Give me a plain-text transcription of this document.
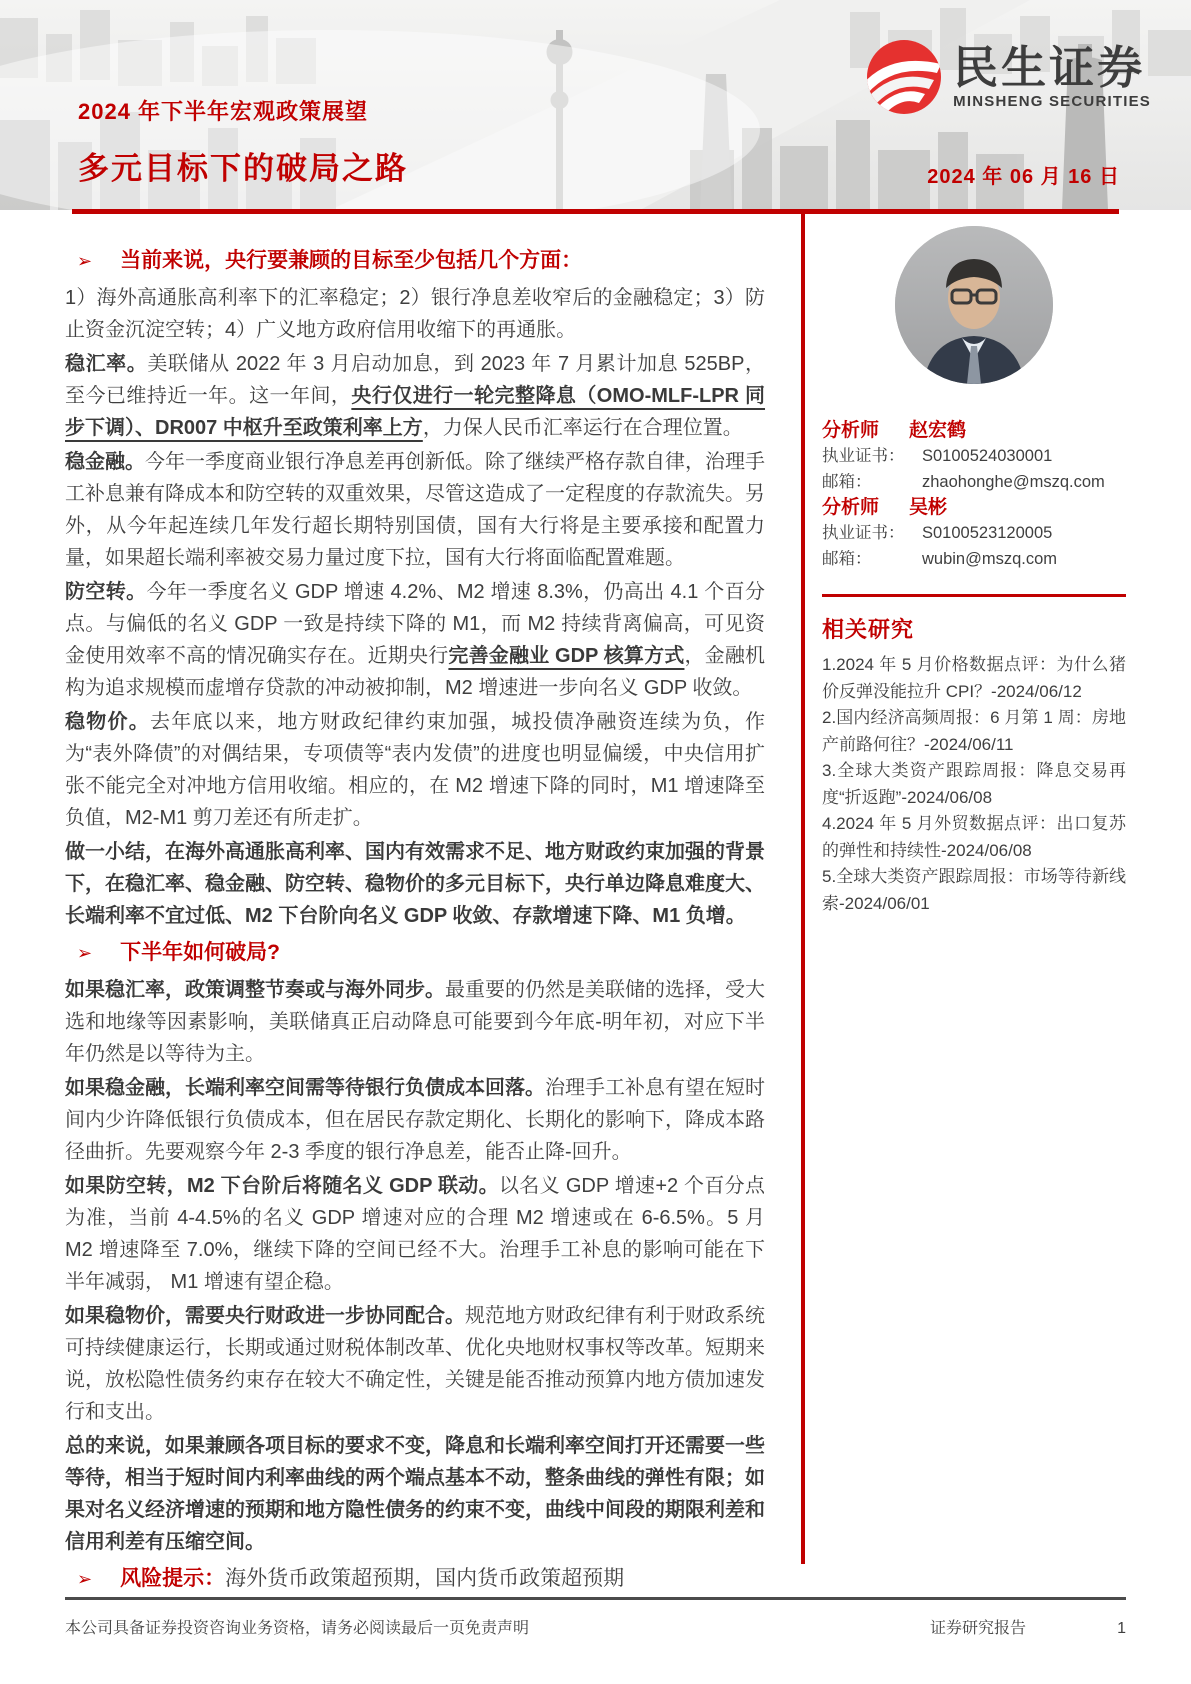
民生证券
MINSHENG SECURITIES
2024 年下半年宏观政策展望
多元目标下的破局之路	2024 年 06 月 16 日
➢ 当前来说，央行要兼顾的目标至少包括几个方面：
1）海外高通胀高利率下的汇率稳定；2）银行净息差收窄后的金融稳定；3）防止资金沉淀空转；4）广义地方政府信用收缩下的再通胀。
稳汇率。美联储从 2022 年 3 月启动加息，到 2023 年 7 月累计加息 525BP，至今已维持近一年。这一年间，央行仅进行一轮完整降息（OMO-MLF-LPR 同步下调）、DR007 中枢升至政策利率上方，力保人民币汇率运行在合理位置。
稳金融。今年一季度商业银行净息差再创新低。除了继续严格存款自律，治理手工补息兼有降成本和防空转的双重效果，尽管这造成了一定程度的存款流失。另外，从今年起连续几年发行超长期特别国债，国有大行将是主要承接和配置力量，如果超长端利率被交易力量过度下拉，国有大行将面临配置难题。
防空转。今年一季度名义 GDP 增速 4.2%、M2 增速 8.3%，仍高出 4.1 个百分点。与偏低的名义 GDP 一致是持续下降的 M1，而 M2 持续背离偏高，可见资金使用效率不高的情况确实存在。近期央行完善金融业 GDP 核算方式，金融机构为追求规模而虚增存贷款的冲动被抑制，M2 增速进一步向名义 GDP 收敛。
稳物价。去年底以来，地方财政纪律约束加强，城投债净融资连续为负，作为“表外降债”的对偶结果，专项债等“表内发债”的进度也明显偏缓，中央信用扩张不能完全对冲地方信用收缩。相应的，在 M2 增速下降的同时，M1 增速降至负值，M2-M1 剪刀差还有所走扩。
做一小结，在海外高通胀高利率、国内有效需求不足、地方财政约束加强的背景下，在稳汇率、稳金融、防空转、稳物价的多元目标下，央行单边降息难度大、长端利率不宜过低、M2 下台阶向名义 GDP 收敛、存款增速下降、M1 负增。
➢ 下半年如何破局?
如果稳汇率，政策调整节奏或与海外同步。最重要的仍然是美联储的选择，受大选和地缘等因素影响，美联储真正启动降息可能要到今年底-明年初，对应下半年仍然是以等待为主。
如果稳金融，长端利率空间需等待银行负债成本回落。治理手工补息有望在短时间内少许降低银行负债成本，但在居民存款定期化、长期化的影响下，降成本路径曲折。先要观察今年 2-3 季度的银行净息差，能否止降-回升。
如果防空转，M2 下台阶后将随名义 GDP 联动。以名义 GDP 增速+2 个百分点为准，当前 4-4.5%的名义 GDP 增速对应的合理 M2 增速或在 6-6.5%。5 月 M2 增速降至 7.0%，继续下降的空间已经不大。治理手工补息的影响可能在下半年减弱， M1 增速有望企稳。
如果稳物价，需要央行财政进一步协同配合。规范地方财政纪律有利于财政系统可持续健康运行，长期或通过财税体制改革、优化央地财权事权等改革。短期来说，放松隐性债务约束存在较大不确定性，关键是能否推动预算内地方债加速发行和支出。
总的来说，如果兼顾各项目标的要求不变，降息和长端利率空间打开还需要一些等待，相当于短时间内利率曲线的两个端点基本不动，整条曲线的弹性有限；如果对名义经济增速的预期和地方隐性债务的约束不变，曲线中间段的期限利差和信用利差有压缩空间。
➢ 风险提示：海外货币政策超预期，国内货币政策超预期
分析师 赵宏鹤
执业证书：	S0100524030001
邮箱：	zhaohonghe@mszq.com
分析师 吴彬
执业证书：	S0100523120005
邮箱：	wubin@mszq.com
相关研究
1.2024 年 5 月价格数据点评：为什么猪价反弹没能拉升 CPI？-2024/06/12
2.国内经济高频周报：6 月第 1 周：房地产前路何往？-2024/06/11
3.全球大类资产跟踪周报：降息交易再度“折返跑”-2024/06/08
4.2024 年 5 月外贸数据点评：出口复苏的弹性和持续性-2024/06/08
5.全球大类资产跟踪周报：市场等待新线索-2024/06/01
本公司具备证券投资咨询业务资格，请务必阅读最后一页免责声明	证券研究报告	1
